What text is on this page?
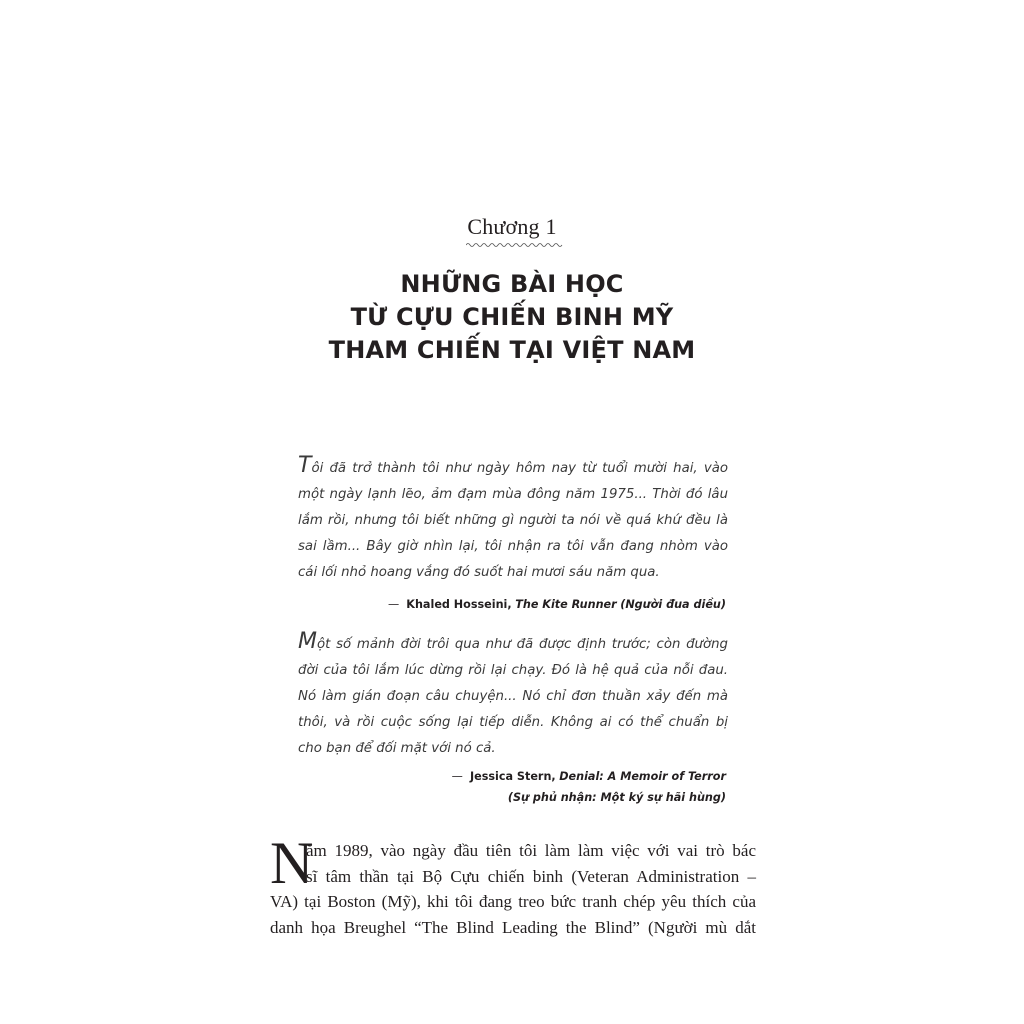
Chương 1
NHỮNG BÀI HỌC
TỪ CỰU CHIẾN BINH MỸ
THAM CHIẾN TẠI VIỆT NAM
Tôi đã trở thành tôi như ngày hôm nay từ tuổi mười hai, vào
một ngày lạnh lẽo, ảm đạm mùa đông năm 1975... Thời đó lâu
lắm rồi, nhưng tôi biết những gì người ta nói về quá khứ đều là
sai lầm... Bây giờ nhìn lại, tôi nhận ra tôi vẫn đang nhòm vào
cái lối nhỏ hoang vắng đó suốt hai mươi sáu năm qua.
— Khaled Hosseini, The Kite Runner (Người đua diều)
Một số mảnh đời trôi qua như đã được định trước; còn đường
đời của tôi lắm lúc dừng rồi lại chạy. Đó là hệ quả của nỗi đau.
Nó làm gián đoạn câu chuyện... Nó chỉ đơn thuần xảy đến mà
thôi, và rồi cuộc sống lại tiếp diễn. Không ai có thể chuẩn bị
cho bạn để đối mặt với nó cả.
— Jessica Stern, Denial: A Memoir of Terror
(Sự phủ nhận: Một ký sự hãi hùng)
N
ăm 1989, vào ngày đầu tiên tôi làm làm việc với vai trò bác
sĩ tâm thần tại Bộ Cựu chiến binh (Veteran Administration –
VA) tại Boston (Mỹ), khi tôi đang treo bức tranh chép yêu thích của
danh họa Breughel “The Blind Leading the Blind” (Người mù dắt
